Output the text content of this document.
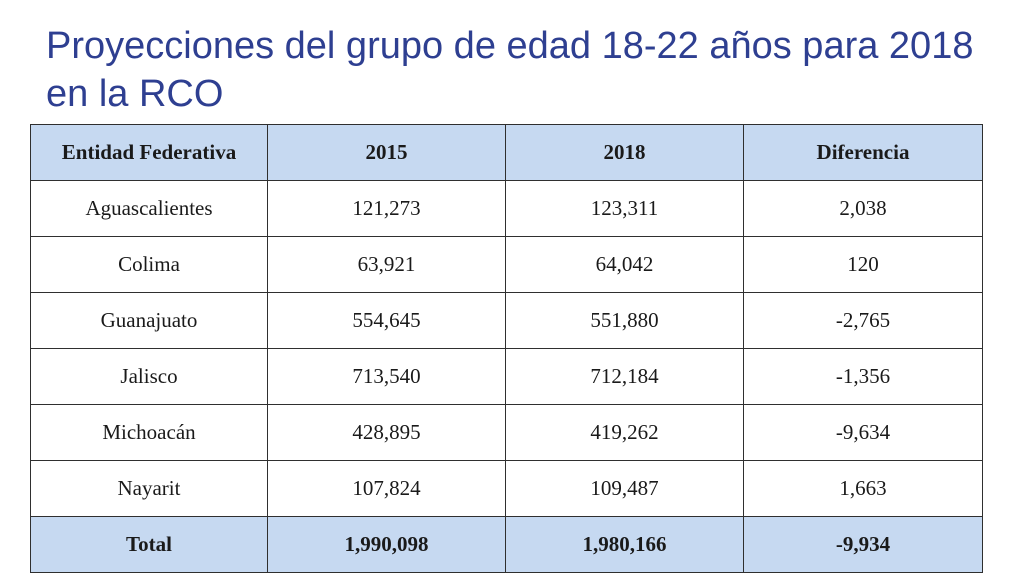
Proyecciones del grupo de edad 18-22 años para 2018 en la RCO
Entidad Federativa	2015	2018	Diferencia
Aguascalientes	121,273	123,311	2,038
Colima	63,921	64,042	120
Guanajuato	554,645	551,880	-2,765
Jalisco	713,540	712,184	-1,356
Michoacán	428,895	419,262	-9,634
Nayarit	107,824	109,487	1,663
Total	1,990,098	1,980,166	-9,934
